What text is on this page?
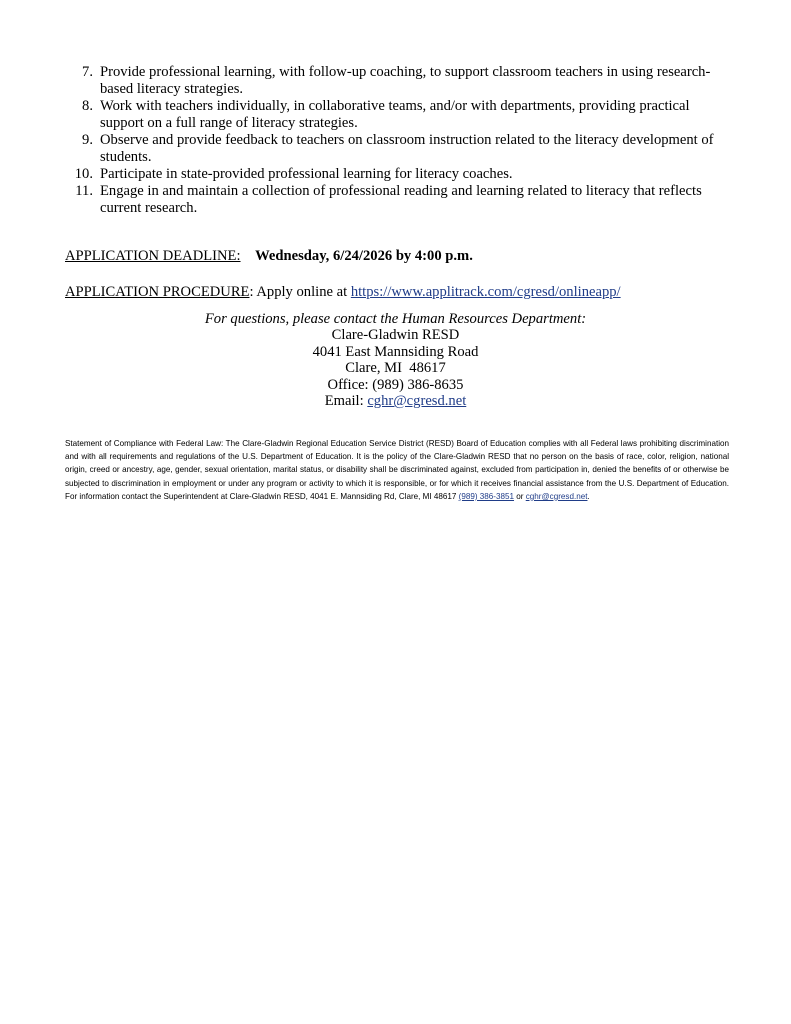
7. Provide professional learning, with follow-up coaching, to support classroom teachers in using research-based literacy strategies.
8. Work with teachers individually, in collaborative teams, and/or with departments, providing practical support on a full range of literacy strategies.
9. Observe and provide feedback to teachers on classroom instruction related to the literacy development of students.
10. Participate in state-provided professional learning for literacy coaches.
11. Engage in and maintain a collection of professional reading and learning related to literacy that reflects current research.
APPLICATION DEADLINE: Wednesday, 6/24/2026 by 4:00 p.m.
APPLICATION PROCEDURE: Apply online at https://www.applitrack.com/cgresd/onlineapp/
For questions, please contact the Human Resources Department:
Clare-Gladwin RESD
4041 East Mannsiding Road
Clare, MI  48617
Office: (989) 386-8635
Email: cghr@cgresd.net
Statement of Compliance with Federal Law: The Clare-Gladwin Regional Education Service District (RESD) Board of Education complies with all Federal laws prohibiting discrimination and with all requirements and regulations of the U.S. Department of Education. It is the policy of the Clare-Gladwin RESD that no person on the basis of race, color, religion, national origin, creed or ancestry, age, gender, sexual orientation, marital status, or disability shall be discriminated against, excluded from participation in, denied the benefits of or otherwise be subjected to discrimination in employment or under any program or activity to which it is responsible, or for which it receives financial assistance from the U.S. Department of Education. For information contact the Superintendent at Clare-Gladwin RESD, 4041 E. Mannsiding Rd, Clare, MI 48617 (989) 386-3851 or cghr@cgresd.net.
